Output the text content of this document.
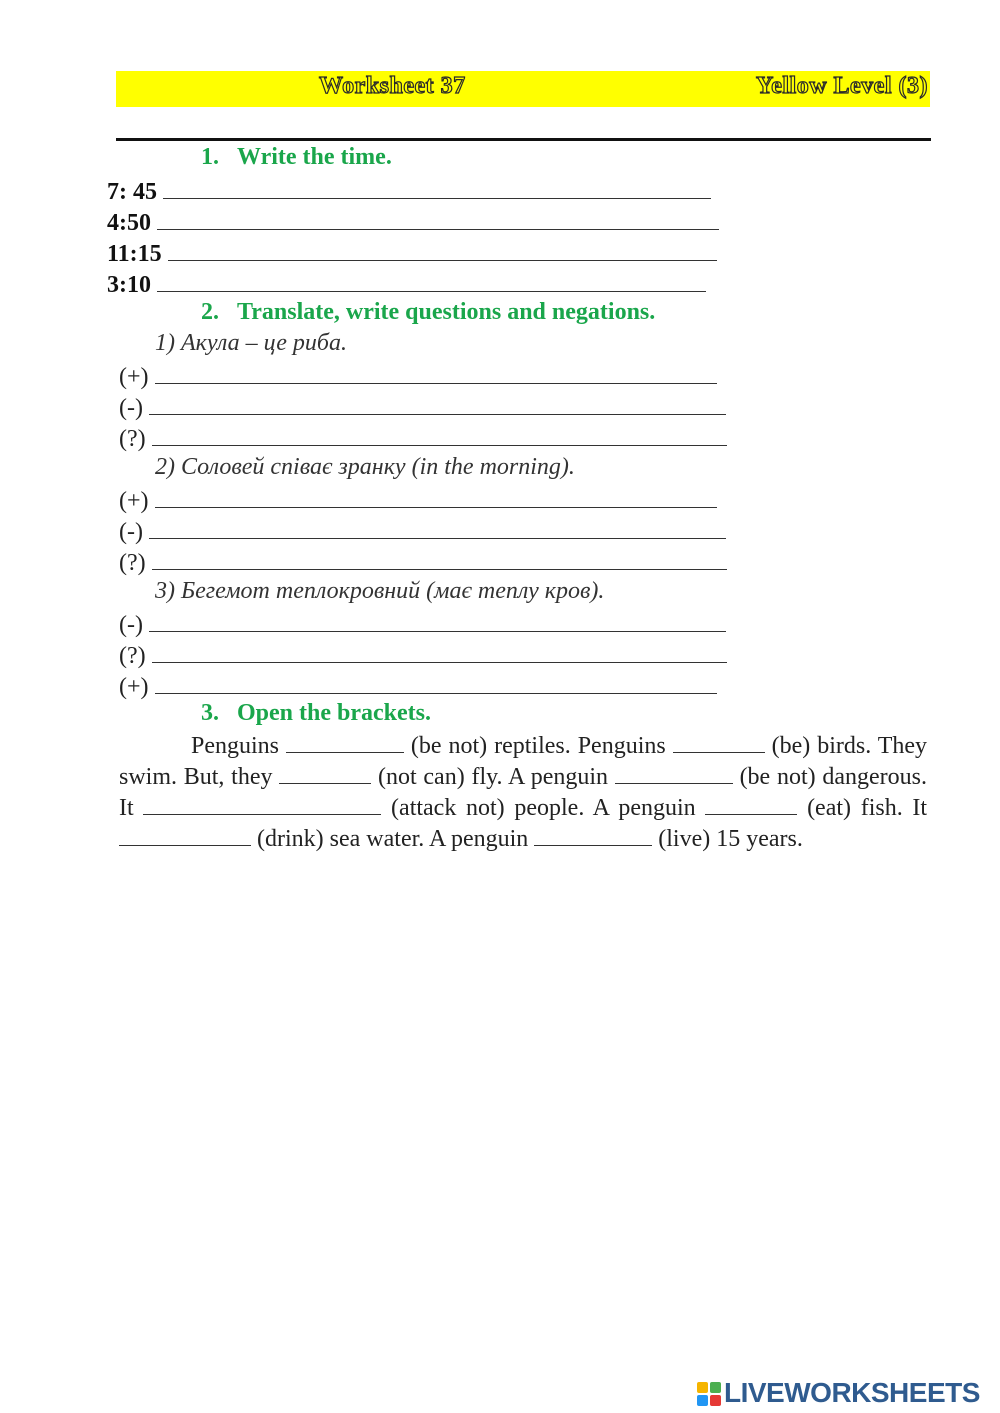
Worksheet 37	Yellow Level (3)
1. Write the time.
7: 45
4:50
11:15
3:10
2. Translate, write questions and negations.
1) Акула – це риба.
(+)
(-)
(?)
2) Соловей співає зранку (in the morning).
(+)
(-)
(?)
3) Бегемот теплокровний (має теплу кров).
(-)
(?)
(+)
3. Open the brackets.
Penguins	(be not) reptiles. Penguins	(be) birds. They swim. But, they	(not can) fly. A penguin	(be not) dangerous. It	(attack not) people. A penguin	(eat) fish. It  (drink) sea water. A penguin	(live) 15 years.
LIVEWORKSHEETS
